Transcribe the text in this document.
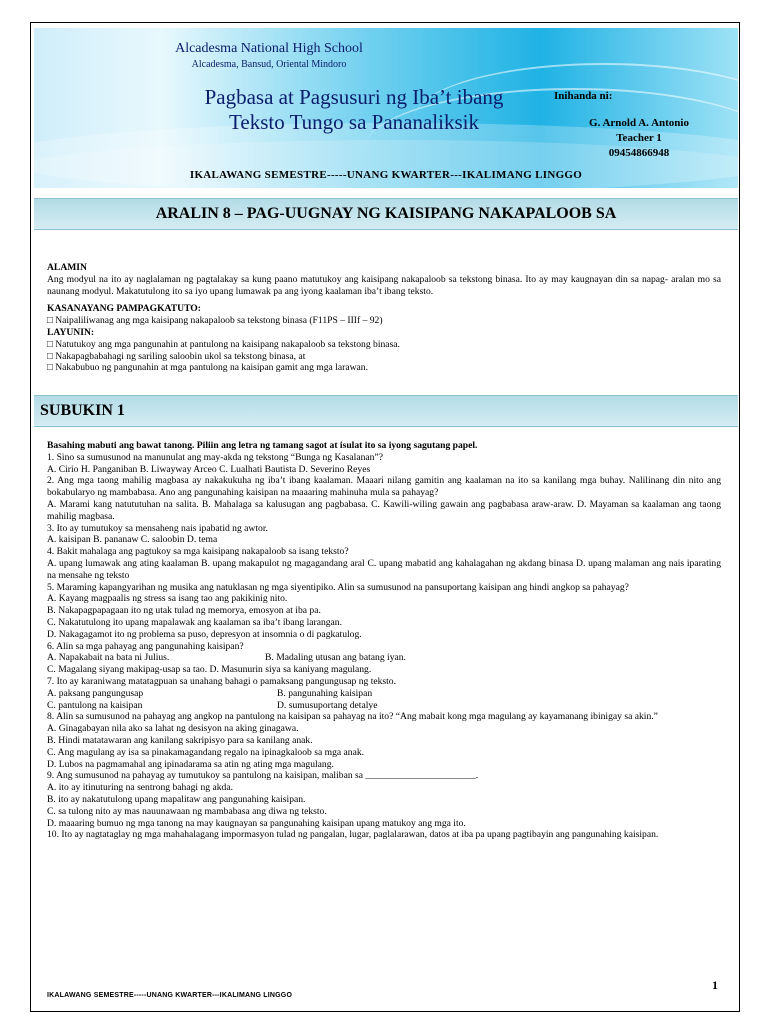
Alcadesma National High School
Alcadesma, Bansud, Oriental Mindoro
Pagbasa at Pagsusuri ng Iba’t ibang Teksto Tungo sa Pananaliksik
Inihanda ni:
G. Arnold A. Antonio
Teacher 1
09454866948
IKALAWANG SEMESTRE-----UNANG KWARTER---IKALIMANG LINGGO
ARALIN 8 – PAG-UUGNAY NG KAISIPANG NAKAPALOOB SA

ALAMIN

Ang modyul na ito ay naglalaman ng pagtalakay sa kung paano matutukoy ang kaisipang nakapaloob sa tekstong binasa. Ito ay may kaugnayan din sa napag- aralan mo sa naunang modyul. Makatutulong ito sa iyo upang lumawak pa ang iyong kaalaman iba’t ibang teksto.

KASANAYANG PAMPAGKATUTO:

□ Naipaliliwanag ang mga kaisipang nakapaloob sa tekstong binasa (F11PS – IIIf – 92)

LAYUNIN:

□ Natutukoy ang mga pangunahin at pantulong na kaisipang nakapaloob sa tekstong binasa.

□ Nakapagbabahagi ng sariling saloobin ukol sa tekstong binasa, at

□ Nakabubuo ng pangunahin at mga pantulong na kaisipan gamit ang mga larawan.

SUBUKIN 1

Basahing mabuti ang bawat tanong. Piliin ang letra ng tamang sagot at isulat ito sa iyong sagutang papel.

1. Sino sa sumusunod na manunulat ang may-akda ng tekstong “Bunga ng Kasalanan”?

A. Cirio H. Panganiban B. Liwayway Arceo C. Lualhati Bautista D. Severino Reyes

2. Ang mga taong mahilig magbasa ay nakakukuha ng iba’t ibang kaalaman. Maaari nilang gamitin ang kaalaman na ito sa kanilang mga buhay. Nalilinang din nito ang bokabularyo ng mambabasa. Ano ang pangunahing kaisipan na maaaring mahinuha mula sa pahayag?

A. Marami kang natututuhan na salita. B. Mahalaga sa kalusugan ang pagbabasa. C. Kawili-wiling gawain ang pagbabasa araw-araw. D. Mayaman sa kaalaman ang taong mahilig magbasa.

3. Ito ay tumutukoy sa mensaheng nais ipabatid ng awtor.

A. kaisipan B. pananaw C. saloobin D. tema

4. Bakit mahalaga ang pagtukoy sa mga kaisipang nakapaloob sa isang teksto?

A. upang lumawak ang ating kaalaman B. upang makapulot ng magagandang aral C. upang mabatid ang kahalagahan ng akdang binasa D. upang malaman ang nais iparating na mensahe ng teksto

5. Maraming kapangyarihan ng musika ang natuklasan ng mga siyentipiko. Alin sa sumusunod na pansuportang kaisipan ang hindi angkop sa pahayag?

A. Kayang magpaalis ng stress sa isang tao ang pakikinig nito.

B. Nakapagpapagaan ito ng utak tulad ng memorya, emosyon at iba pa.

C. Nakatutulong ito upang mapalawak ang kaalaman sa iba’t ibang larangan.

D. Nakagagamot ito ng problema sa puso, depresyon at insomnia o di pagkatulog.

6. Alin sa mga pahayag ang pangunahing kaisipan?

A. Napakabait na bata ni Julius.	B. Madaling utusan ang batang iyan.

C. Magalang siyang makipag-usap sa tao. D. Masunurin siya sa kaniyang magulang.

7. Ito ay karaniwang matatagpuan sa unahang bahagi o pamaksang pangungusap ng teksto.

A. paksang pangungusap	B. pangunahing kaisipan
C. pantulong na kaisipan	D. sumusuportang detalye

8. Alin sa sumusunod na pahayag ang angkop na pantulong na kaisipan sa pahayag na ito? “Ang mabait kong mga magulang ay kayamanang ibinigay sa akin.”

A. Ginagabayan nila ako sa lahat ng desisyon na aking ginagawa.

B. Hindi matatawaran ang kanilang sakripisyo para sa kanilang anak.

C. Ang magulang ay isa sa pinakamagandang regalo na ipinagkaloob sa mga anak.

D. Lubos na pagmamahal ang ipinadarama sa atin ng ating mga magulang.

9. Ang sumusunod na pahayag ay tumutukoy sa pantulong na kaisipan, maliban sa _______________________.

A. ito ay itinuturing na sentrong bahagi ng akda.

B. ito ay nakatutulong upang mapalitaw ang pangunahing kaisipan.

C. sa tulong nito ay mas nauunawaan ng mambabasa ang diwa ng teksto.

D. maaaring bumuo ng mga tanong na may kaugnayan sa pangunahing kaisipan upang matukoy ang mga ito.

10. Ito ay nagtataglay ng mga mahahalagang impormasyon tulad ng pangalan, lugar, paglalarawan, datos at iba pa upang pagtibayin ang pangunahing kaisipan.

1
IKALAWANG SEMESTRE-----UNANG KWARTER---IKALIMANG LINGGO
